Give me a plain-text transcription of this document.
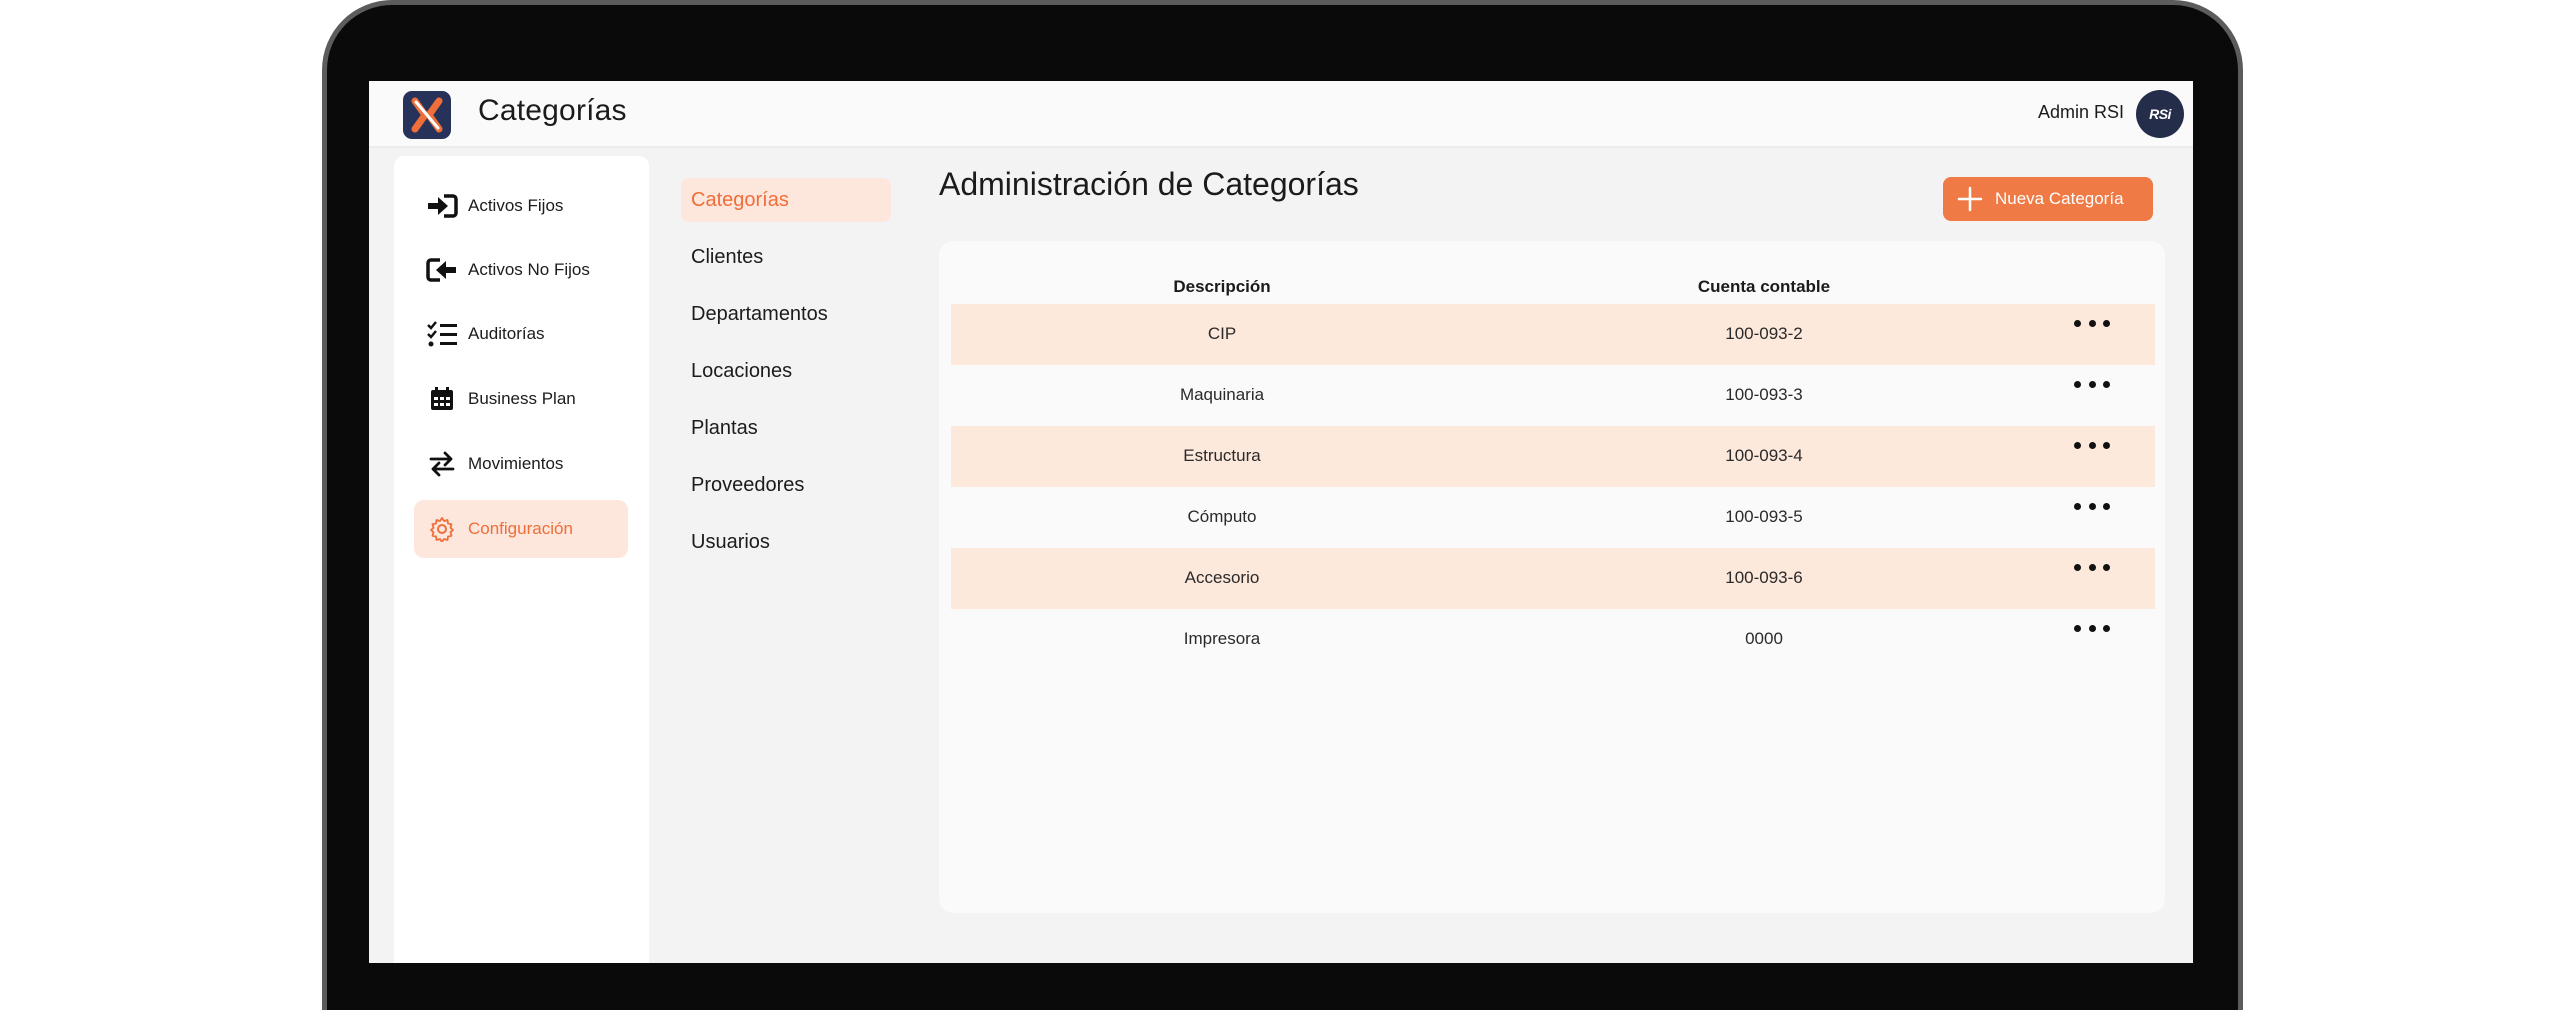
Categorías	Admin RSI	RSi
Activos Fijos
Activos No Fijos
Auditorías
Business Plan
Movimientos
Configuración
Categorías
Clientes
Departamentos
Locaciones
Plantas
Proveedores
Usuarios
Administración de Categorías	Nueva Categoría
Descripción	Cuenta contable
CIP	100-093-2
Maquinaria	100-093-3
Estructura	100-093-4
Cómputo	100-093-5
Accesorio	100-093-6
Impresora	0000
